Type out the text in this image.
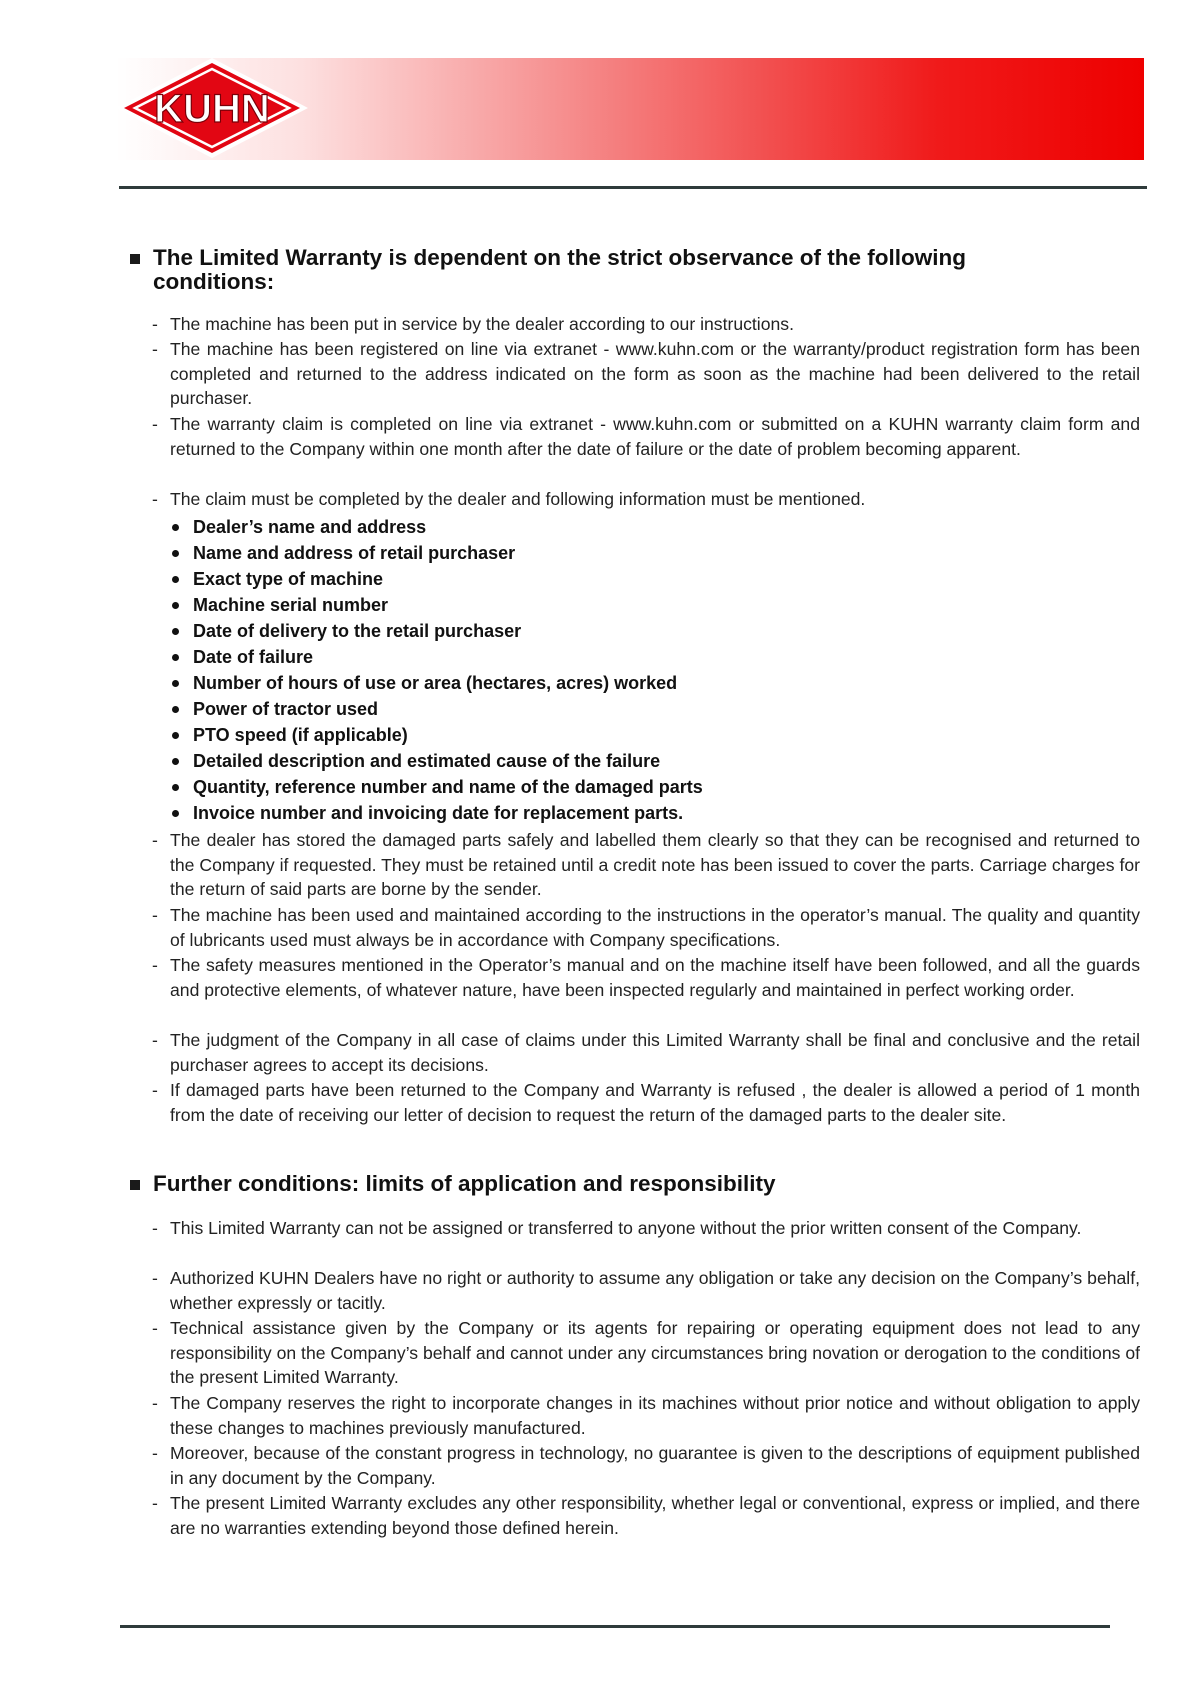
KUHN
The Limited Warranty is dependent on the strict observance of the following conditions:
- The machine has been put in service by the dealer according to our instructions.
- The machine has been registered on line via extranet - www.kuhn.com or the warranty/product registration form has been completed and returned to the address indicated on the form as soon as the machine had been delivered to the retail purchaser.
- The warranty claim is completed on line via extranet - www.kuhn.com or submitted on a KUHN warranty claim form and returned to the Company within one month after the date of failure or the date of problem becoming apparent.
- The claim must be completed by the dealer and following information must be mentioned.
Dealer’s name and address
Name and address of retail purchaser
Exact type of machine
Machine serial number
Date of delivery to the retail purchaser
Date of failure
Number of hours of use or area (hectares, acres) worked
Power of tractor used
PTO speed (if applicable)
Detailed description and estimated cause of the failure
Quantity, reference number and name of the damaged parts
Invoice number and invoicing date for replacement parts.
- The dealer has stored the damaged parts safely and labelled them clearly so that they can be recognised and returned to the Company if requested. They must be retained until a credit note has been issued to cover the parts. Carriage charges for the return of said parts are borne by the sender.
- The machine has been used and maintained according to the instructions in the operator’s manual. The quality and quantity of lubricants used must always be in accordance with Company specifications.
- The safety measures mentioned in the Operator’s manual and on the machine itself have been followed, and all the guards and protective elements, of whatever nature, have been inspected regularly and maintained in perfect working order.
- The judgment of the Company in all case of claims under this Limited Warranty shall be final and conclusive and the retail purchaser agrees to accept its decisions.
- If damaged parts have been returned to the Company and Warranty is refused , the dealer is allowed a period of 1 month from the date of receiving our letter of decision to request the return of the damaged parts to the dealer site.
Further conditions: limits of application and responsibility
- This Limited Warranty can not be assigned or transferred to anyone without the prior written consent of the Company.
- Authorized KUHN Dealers have no right or authority to assume any obligation or take any decision on the Company’s behalf, whether expressly or tacitly.
- Technical assistance given by the Company or its agents for repairing or operating equipment does not lead to any responsibility on the Company’s behalf and cannot under any circumstances bring novation or derogation to the conditions of the present Limited Warranty.
- The Company reserves the right to incorporate changes in its machines without prior notice and without obligation to apply these changes to machines previously manufactured.
- Moreover, because of the constant progress in technology, no guarantee is given to the descriptions of equipment published in any document by the Company.
- The present Limited Warranty excludes any other responsibility, whether legal or conventional, express or implied, and there are no warranties extending beyond those defined herein.
